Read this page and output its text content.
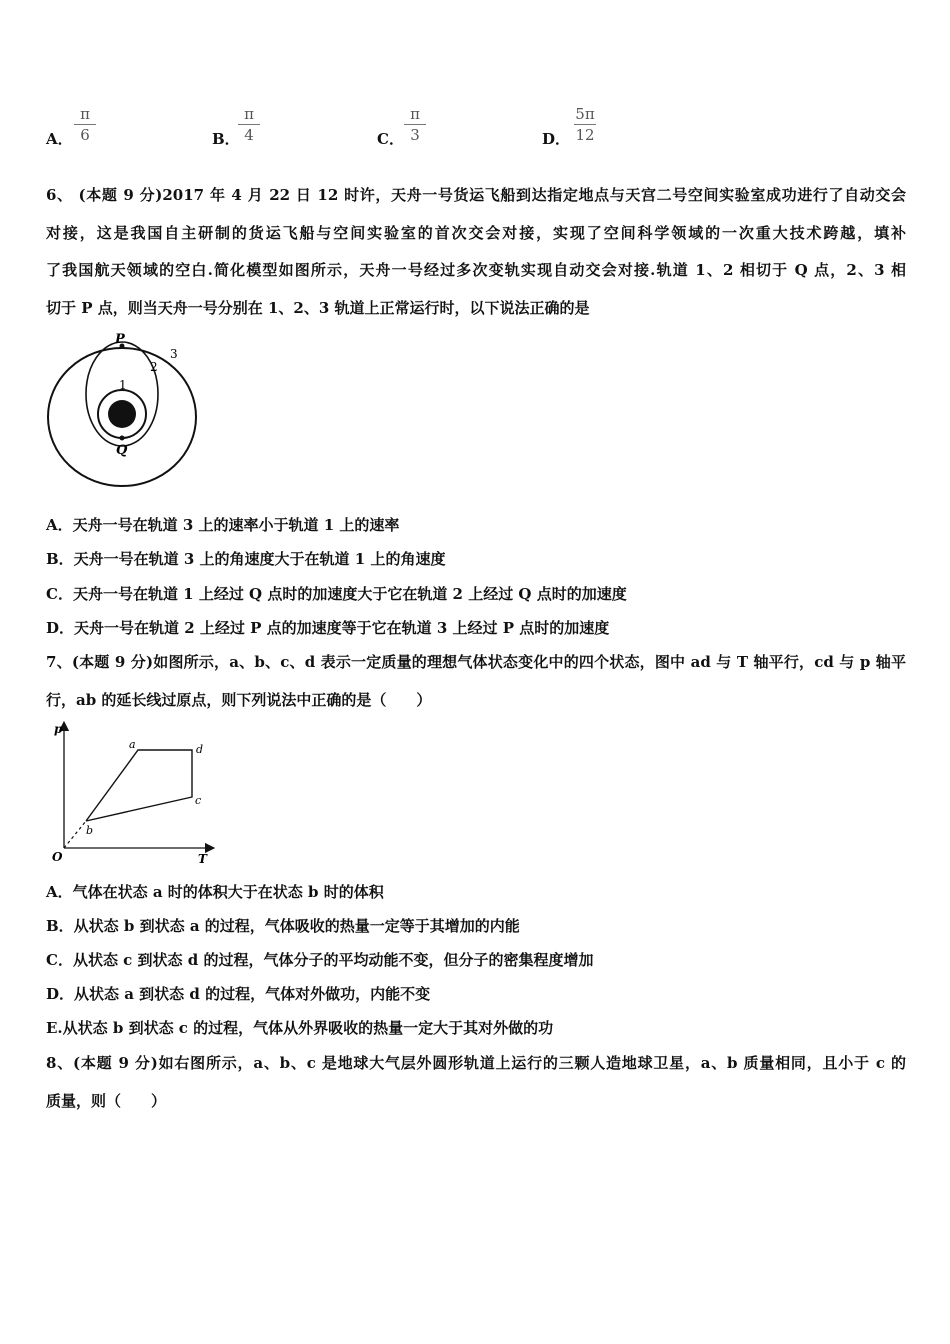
A．
π
6	B．
π
4	C．
π
3	D．
5π
12
6、 (本题 9 分)2017 年 4 月 22 日 12 时许，天舟一号货运飞船到达指定地点与天宫二号空间实验室成功进行了自动交会
对接，这是我国自主研制的货运飞船与空间实验室的首次交会对接，实现了空间科学领域的一次重大技术跨越，填补
了我国航天领域的空白.简化模型如图所示，天舟一号经过多次变轨实现自动交会对接.轨道 1、2 相切于 Q 点，2、3 相
切于 P 点，则当天舟一号分别在 1、2、3 轨道上正常运行时，以下说法正确的是
P
Q
1
2
3
A．天舟一号在轨道 3 上的速率小于轨道 1 上的速率
B．天舟一号在轨道 3 上的角速度大于在轨道 1 上的角速度
C．天舟一号在轨道 1 上经过 Q 点时的加速度大于它在轨道 2 上经过 Q 点时的加速度
D．天舟一号在轨道 2 上经过 P 点的加速度等于它在轨道 3 上经过 P 点时的加速度
7、(本题 9 分)如图所示，a、b、c、d 表示一定质量的理想气体状态变化中的四个状态，图中 ad 与 T 轴平行，cd 与 p 轴平
行，ab 的延长线过原点，则下列说法中正确的是（　　）
p
T
O
a
b
c
d
A．气体在状态 a 时的体积大于在状态 b 时的体积
B．从状态 b 到状态 a 的过程，气体吸收的热量一定等于其增加的内能
C．从状态 c 到状态 d 的过程，气体分子的平均动能不变，但分子的密集程度增加
D．从状态 a 到状态 d 的过程，气体对外做功，内能不变
E.从状态 b 到状态 c 的过程，气体从外界吸收的热量一定大于其对外做的功
8、(本题 9 分)如右图所示，a、b、c 是地球大气层外圆形轨道上运行的三颗人造地球卫星，a、b 质量相同，且小于 c 的
质量，则（　　）
